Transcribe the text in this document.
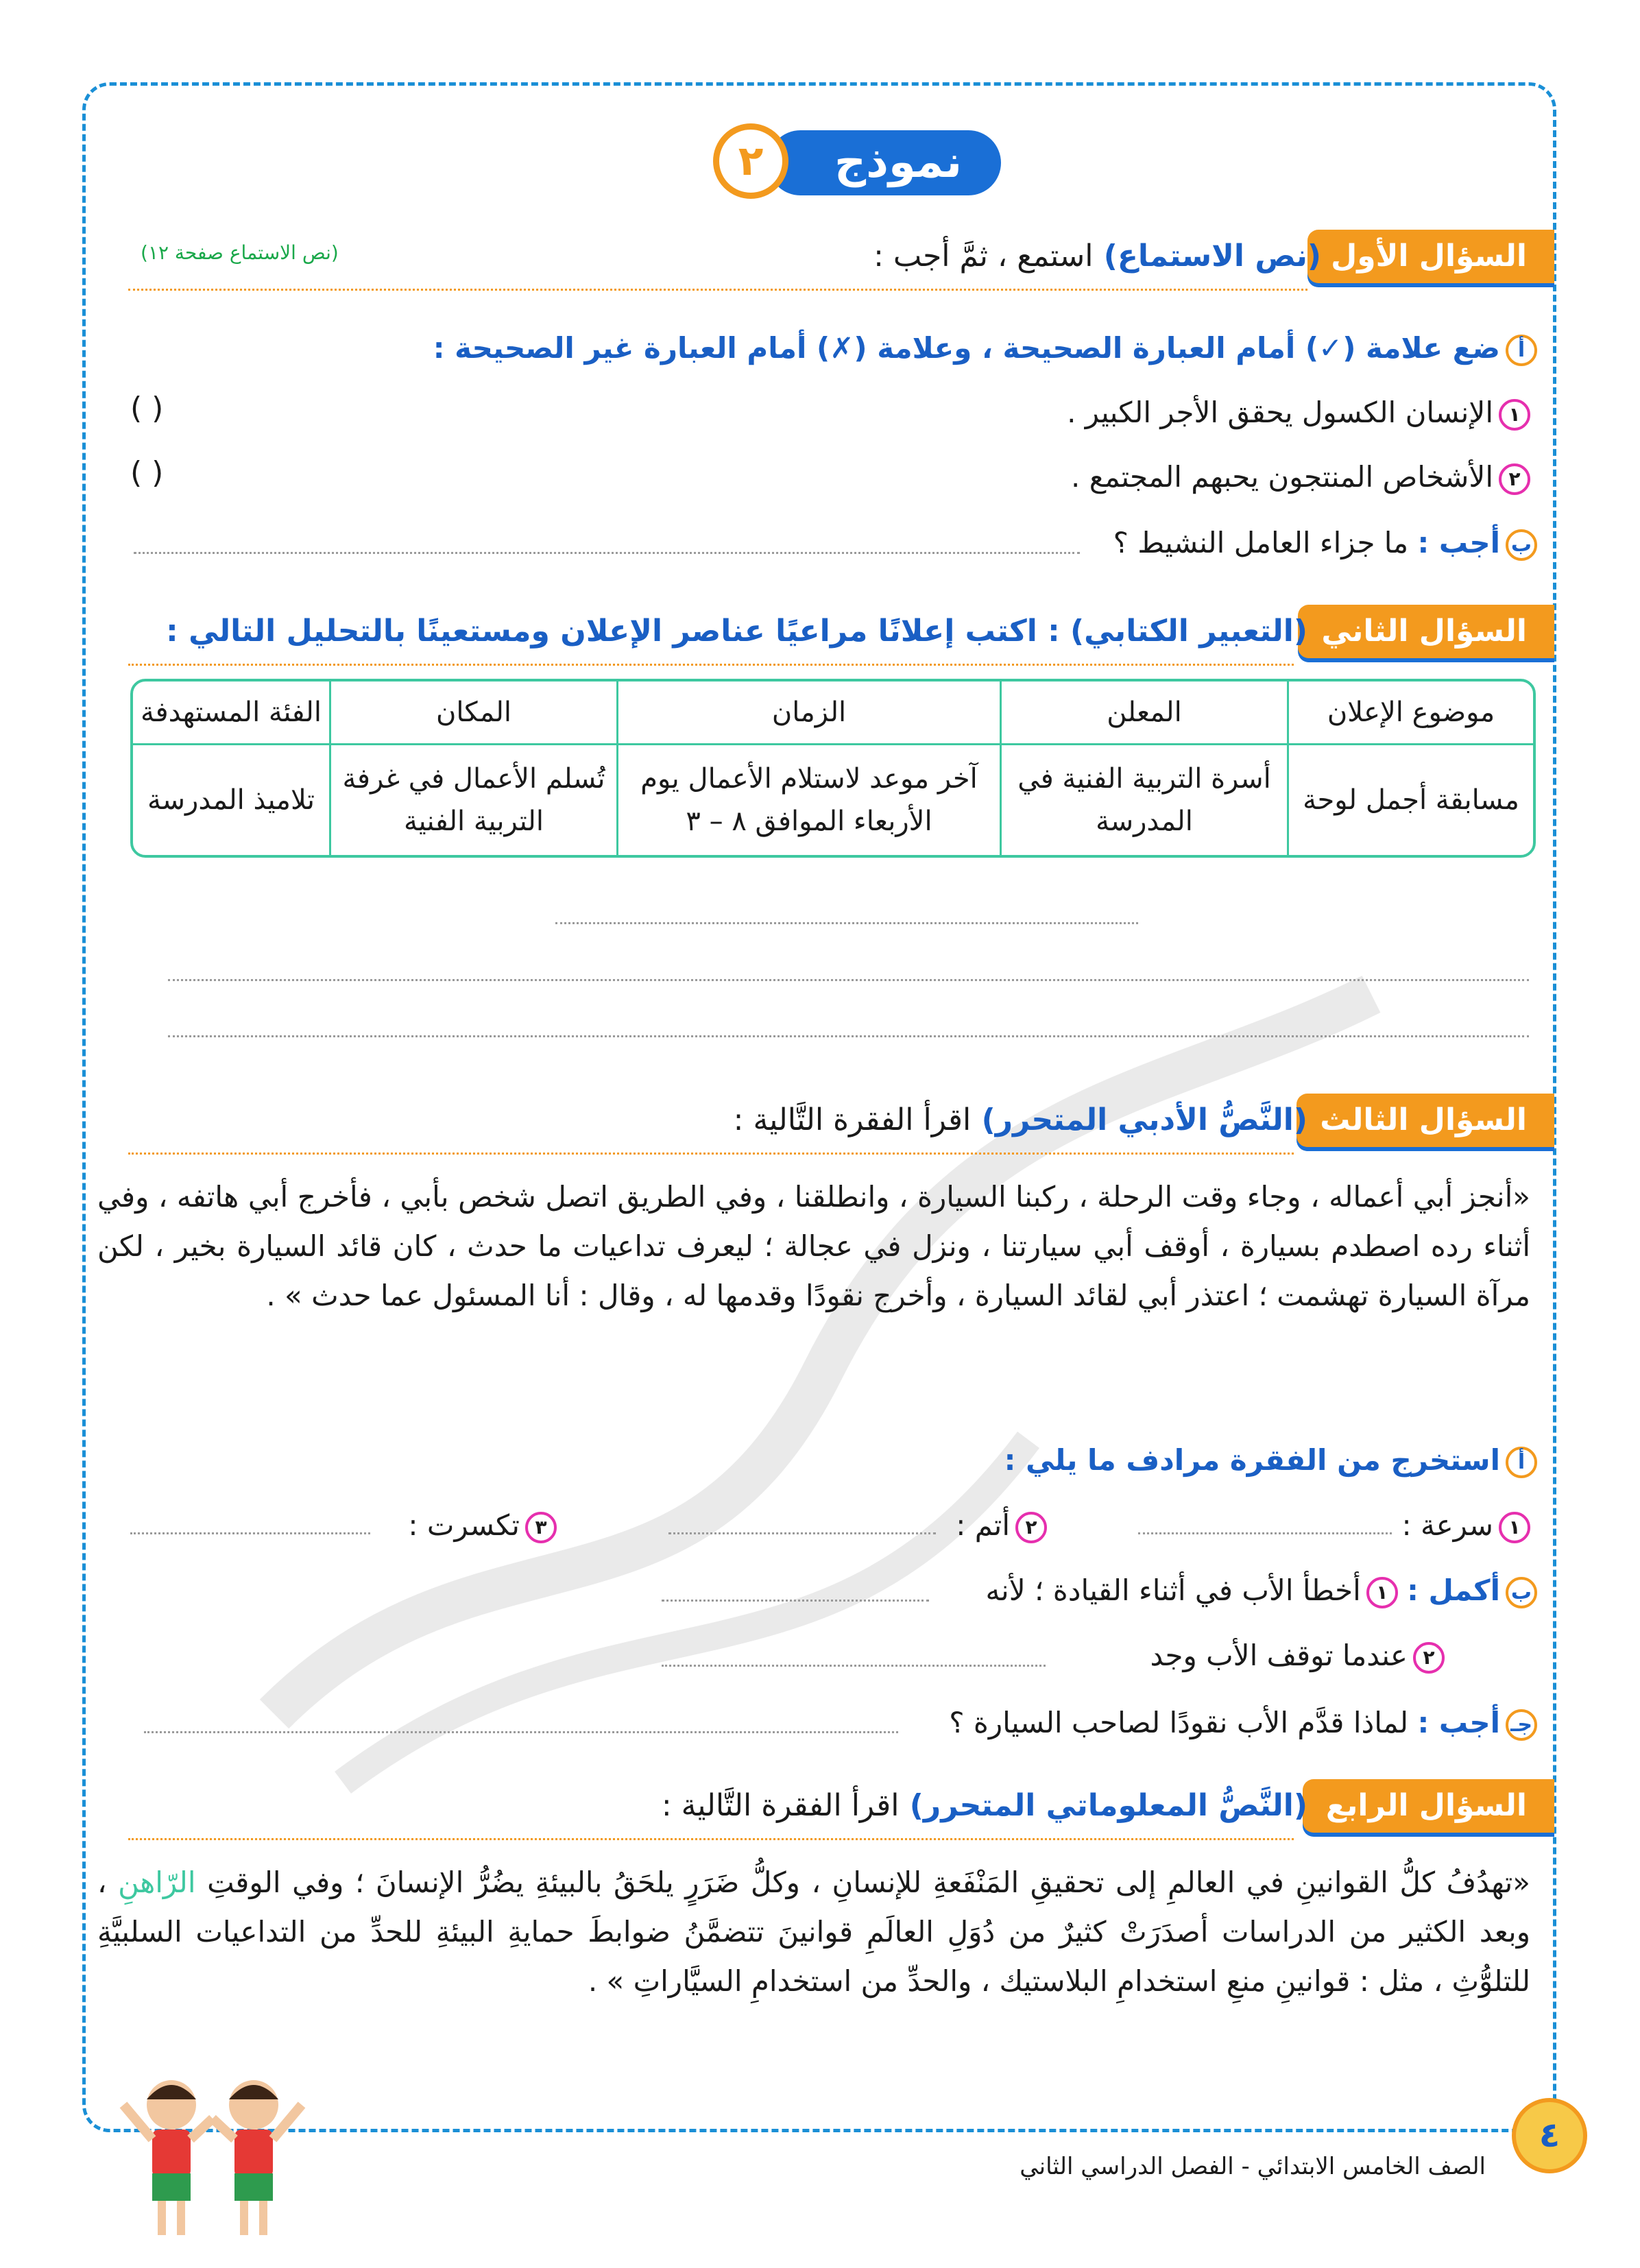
نموذج
٢
السؤال الأول
(نص الاستماع) استمع ، ثمَّ أجب :
(نص الاستماع صفحة ١٢)
أضع علامة (✓) أمام العبارة الصحيحة ، وعلامة (✗) أمام العبارة غير الصحيحة :
١الإنسان الكسول يحقق الأجر الكبير .
( )
٢الأشخاص المنتجون يحبهم المجتمع .
( )
بأجب : ما جزاء العامل النشيط ؟
السؤال الثاني
(التعبير الكتابي) : اكتب إعلانًا مراعيًا عناصر الإعلان ومستعينًا بالتحليل التالي :
موضوع الإعلان	المعلن	الزمان	المكان	الفئة المستهدفة
مسابقة أجمل لوحة	أسرة التربية الفنية في المدرسة	آخر موعد لاستلام الأعمال يوم الأربعاء الموافق ٨ – ٣	تُسلم الأعمال في غرفة التربية الفنية	تلاميذ المدرسة
السؤال الثالث
(النَّصُّ الأدبي المتحرر) اقرأ الفقرة التَّالية :
«أنجز أبي أعماله ، وجاء وقت الرحلة ، ركبنا السيارة ، وانطلقنا ، وفي الطريق اتصل شخص بأبي ، فأخرج أبي هاتفه ، وفي أثناء رده اصطدم بسيارة ، أوقف أبي سيارتنا ، ونزل في عجالة ؛ ليعرف تداعيات ما حدث ، كان قائد السيارة بخير ، لكن مرآة السيارة تهشمت ؛ اعتذر أبي لقائد السيارة ، وأخرج نقودًا وقدمها له ، وقال : أنا المسئول عما حدث » .
أاستخرج من الفقرة مرادف ما يلي :
١سرعة :
٢أتم :
٣تكسرت :
بأكمل : ١أخطأ الأب في أثناء القيادة ؛ لأنه
٢عندما توقف الأب وجد
جـأجب : لماذا قدَّم الأب نقودًا لصاحب السيارة ؟
السؤال الرابع
(النَّصُّ المعلوماتي المتحرر) اقرأ الفقرة التَّالية :
«تهدُفُ كلُّ القوانينِ في العالمِ إلى تحقيقِ المَنْفَعةِ للإنسانِ ، وكلُّ ضَرَرٍ يلحَقُ بالبيئةِ يضُرُّ الإنسانَ ؛ وفي الوقتِ الرّاهنِ ، وبعد الكثير من الدراسات أصدَرَتْ كثيرٌ من دُوَلِ العالَمِ قوانينَ تتضمَّنُ ضوابطَ حمايةِ البيئةِ للحدِّ من التداعيات السلبيَّةِ للتلوُّثِ ، مثل : قوانينِ منعِ استخدامِ البلاستيك ، والحدِّ من استخدامِ السيَّاراتِ » .
٤
الصف الخامس الابتدائي - الفصل الدراسي الثاني
